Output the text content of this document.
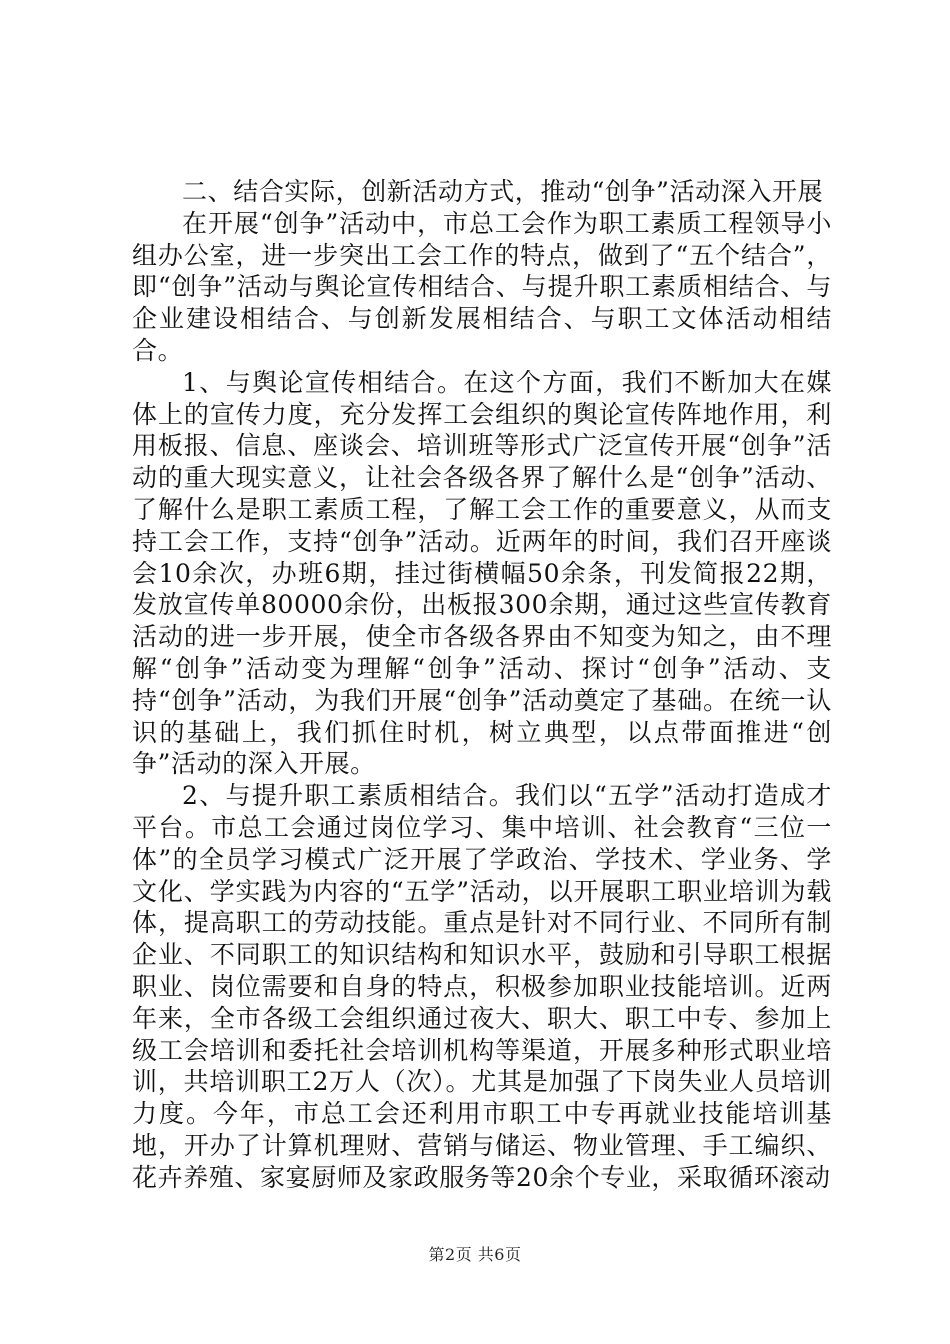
二、结合实际，创新活动方式，推动“创争”活动深入开展

在开展“创争”活动中，市总工会作为职工素质工程领导小组办公室，进一步突出工会工作的特点，做到了“五个结合”，即“创争”活动与舆论宣传相结合、与提升职工素质相结合、与企业建设相结合、与创新发展相结合、与职工文体活动相结合。

1、与舆论宣传相结合。在这个方面，我们不断加大在媒体上的宣传力度，充分发挥工会组织的舆论宣传阵地作用，利用板报、信息、座谈会、培训班等形式广泛宣传开展“创争”活动的重大现实意义，让社会各级各界了解什么是“创争”活动、了解什么是职工素质工程，了解工会工作的重要意义，从而支持工会工作，支持“创争”活动。近两年的时间，我们召开座谈会10余次，办班6期，挂过街横幅50余条，刊发简报22期，发放宣传单80000余份，出板报300余期，通过这些宣传教育活动的进一步开展，使全市各级各界由不知变为知之，由不理解“创争”活动变为理解“创争”活动、探讨“创争”活动、支持“创争”活动，为我们开展“创争”活动奠定了基础。在统一认识的基础上，我们抓住时机，树立典型，以点带面推进“创争”活动的深入开展。

2、与提升职工素质相结合。我们以“五学”活动打造成才平台。市总工会通过岗位学习、集中培训、社会教育“三位一体”的全员学习模式广泛开展了学政治、学技术、学业务、学文化、学实践为内容的“五学”活动，以开展职工职业培训为载体，提高职工的劳动技能。重点是针对不同行业、不同所有制企业、不同职工的知识结构和知识水平，鼓励和引导职工根据职业、岗位需要和自身的特点，积极参加职业技能培训。近两年来，全市各级工会组织通过夜大、职大、职工中专、参加上级工会培训和委托社会培训机构等渠道，开展多种形式职业培训，共培训职工2万人（次）。尤其是加强了下岗失业人员培训力度。今年，市总工会还利用市职工中专再就业技能培训基地，开办了计算机理财、营销与储运、物业管理、手工编织、花卉养殖、家宴厨师及家政服务等20余个专业，采取循环滚动

第2页 共6页
